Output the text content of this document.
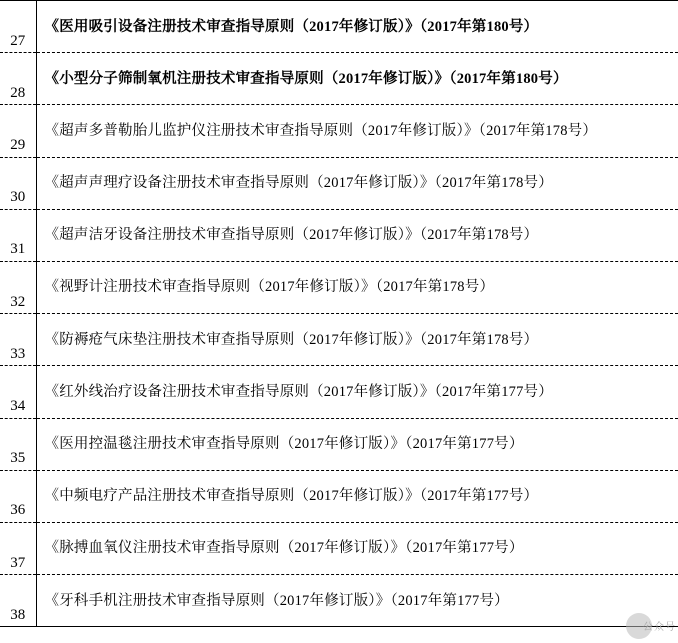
27	《医用吸引设备注册技术审查指导原则（2017年修订版）》（2017年第180号）
28	《小型分子筛制氧机注册技术审查指导原则（2017年修订版）》（2017年第180号）
29	《超声多普勒胎儿监护仪注册技术审查指导原则（2017年修订版）》（2017年第178号）
30	《超声声理疗设备注册技术审查指导原则（2017年修订版）》（2017年第178号）
31	《超声洁牙设备注册技术审查指导原则（2017年修订版）》（2017年第178号）
32	《视野计注册技术审查指导原则（2017年修订版）》（2017年第178号）
33	《防褥疮气床垫注册技术审查指导原则（2017年修订版）》（2017年第178号）
34	《红外线治疗设备注册技术审查指导原则（2017年修订版）》（2017年第177号）
35	《医用控温毯注册技术审查指导原则（2017年修订版）》（2017年第177号）
36	《中频电疗产品注册技术审查指导原则（2017年修订版）》（2017年第177号）
37	《脉搏血氧仪注册技术审查指导原则（2017年修订版）》（2017年第177号）
38	《牙科手机注册技术审查指导原则（2017年修订版）》（2017年第177号）
公众号
